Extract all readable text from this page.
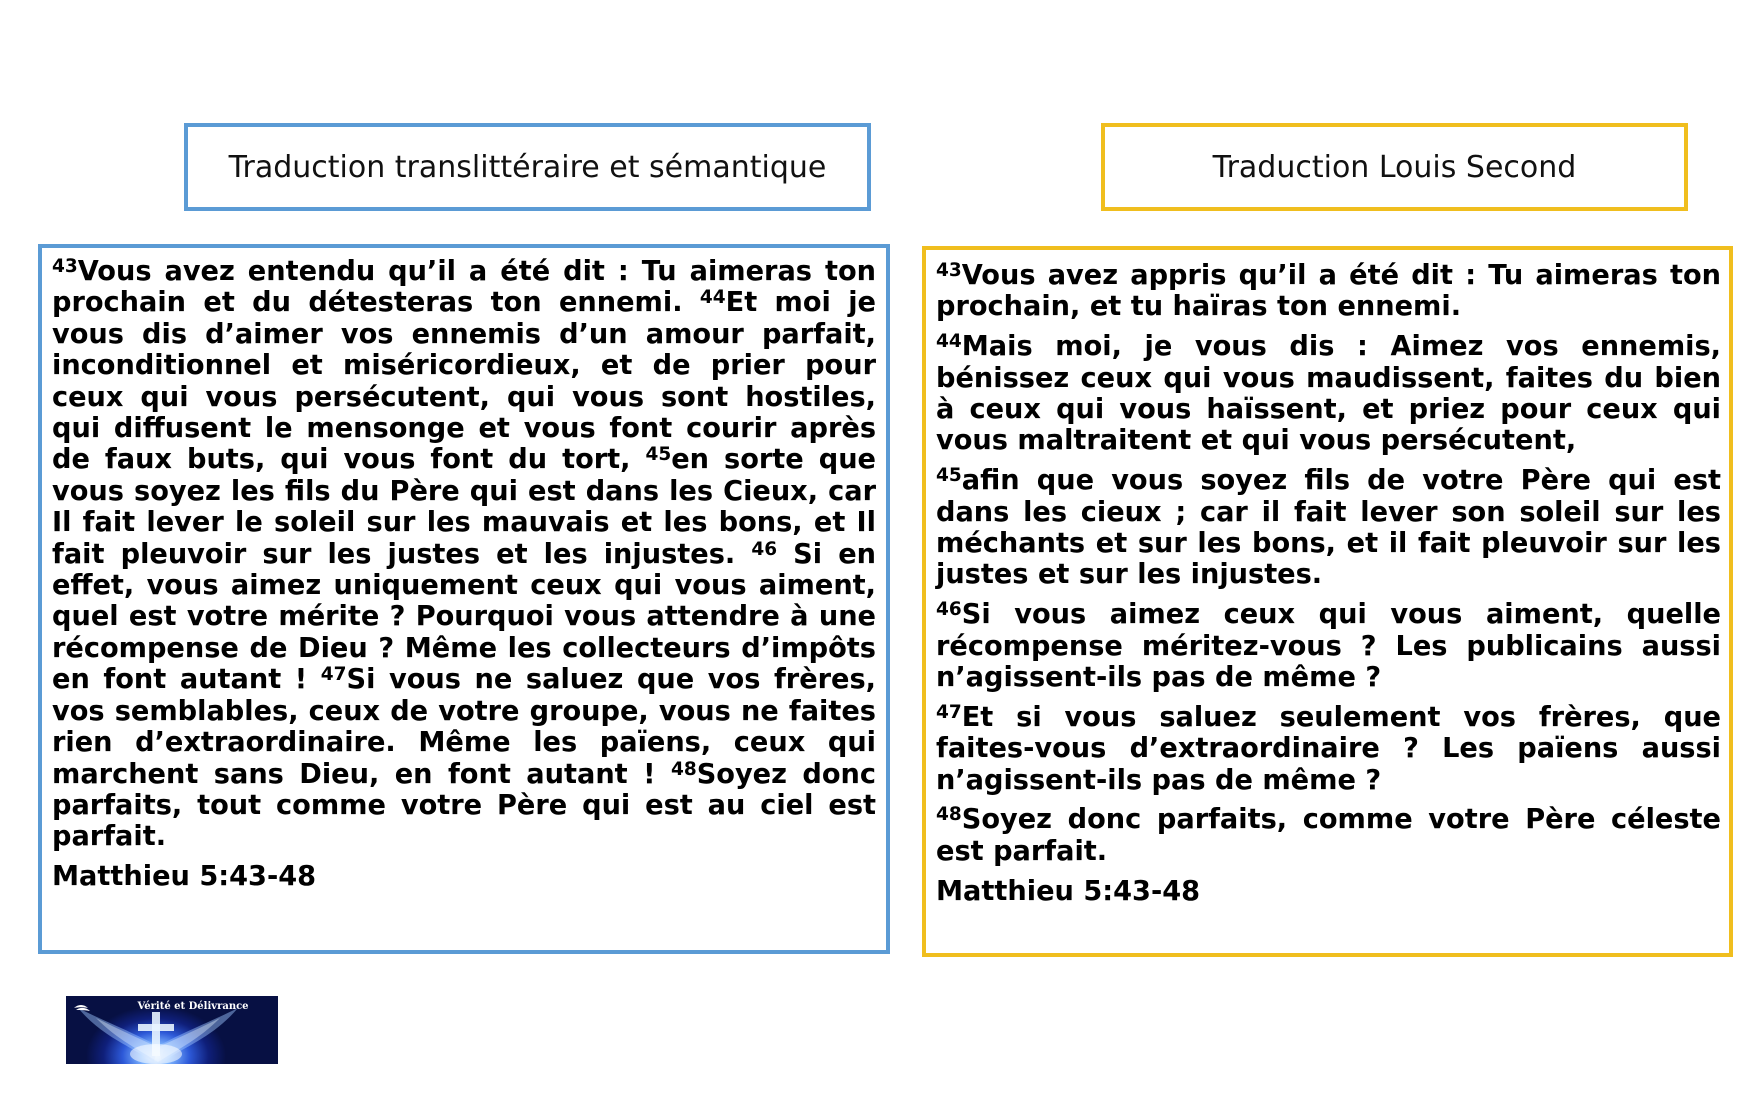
Traduction translittéraire et sémantique	Traduction Louis Second

$^{43}$Vous avez entendu qu’il a été dit : Tu aimeras ton prochain et du détesteras ton ennemi. $^{44}$Et moi je vous dis d’aimer vos ennemis d’un amour parfait, inconditionnel et miséricordieux, et de prier pour ceux qui vous persécutent, qui vous sont hostiles, qui diffusent le mensonge et vous font courir après de faux buts, qui vous font du tort, $^{45}$en sorte que vous soyez les fils du Père qui est dans les Cieux, car Il fait lever le soleil sur les mauvais et les bons, et Il fait pleuvoir sur les justes et les injustes. $^{46}$ Si en effet, vous aimez uniquement ceux qui vous aiment, quel est votre mérite ? Pourquoi vous attendre à une récompense de Dieu ? Même les collecteurs d’impôts en font autant ! $^{47}$Si vous ne saluez que vos frères, vos semblables, ceux de votre groupe, vous ne faites rien d’extraordinaire. Même les païens, ceux qui marchent sans Dieu, en font autant ! $^{48}$Soyez donc parfaits, tout comme votre Père qui est au ciel est parfait.

Matthieu 5:43-48

$^{43}$Vous avez appris qu’il a été dit : Tu aimeras ton prochain, et tu haïras ton ennemi.

$^{44}$Mais moi, je vous dis : Aimez vos ennemis, bénissez ceux qui vous maudissent, faites du bien à ceux qui vous haïssent, et priez pour ceux qui vous maltraitent et qui vous persécutent,

$^{45}$afin que vous soyez fils de votre Père qui est dans les cieux ; car il fait lever son soleil sur les méchants et sur les bons, et il fait pleuvoir sur les justes et sur les injustes.

$^{46}$Si vous aimez ceux qui vous aiment, quelle récompense méritez-vous ? Les publicains aussi n’agissent-ils pas de même ?

$^{47}$Et si vous saluez seulement vos frères, que faites-vous d’extraordinaire ? Les païens aussi n’agissent-ils pas de même ?

$^{48}$Soyez donc parfaits, comme votre Père céleste est parfait.

Matthieu 5:43-48

Vérité et Délivrance
